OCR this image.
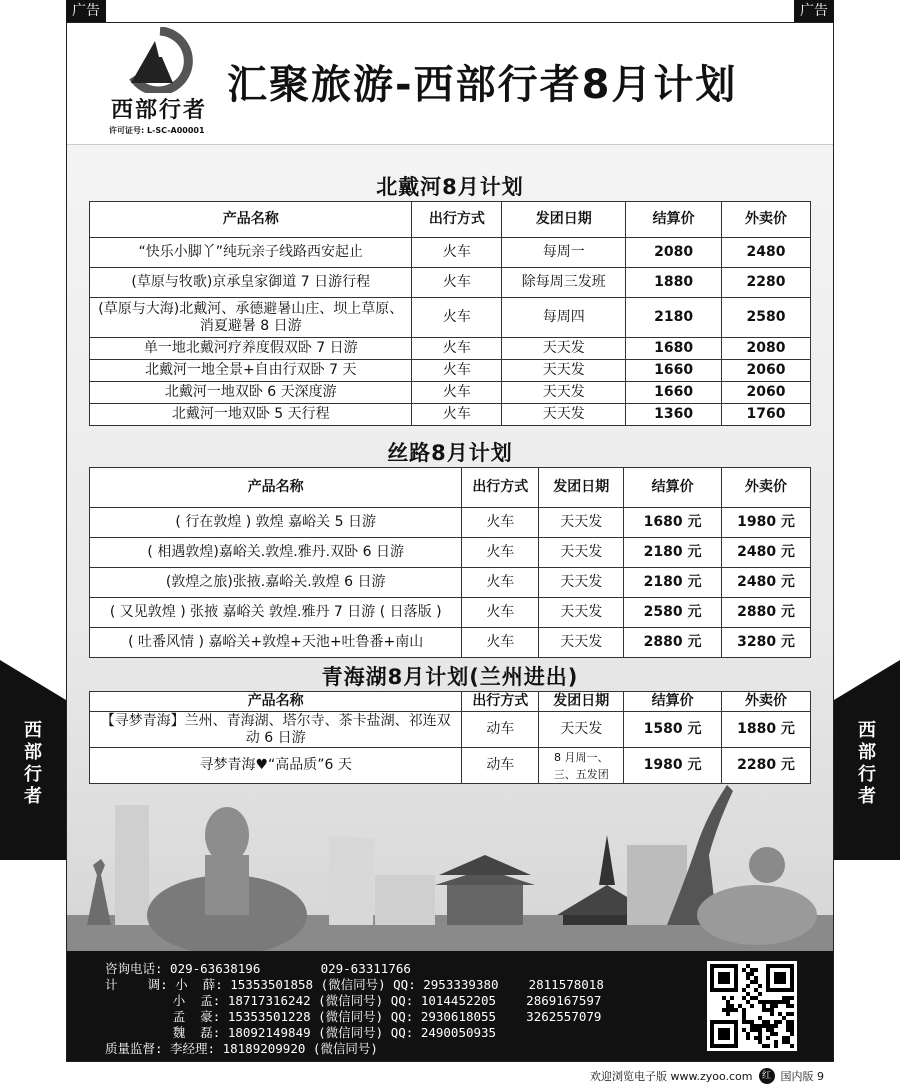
广告	广告
西
部
行
者
西
部
行
者
西部行者
许可证号: L-SC-A00001
汇聚旅游-西部行者8月计划
北戴河8月计划
产品名称	出行方式	发团日期	结算价	外卖价
“快乐小脚丫”纯玩亲子线路西安起止	火车	每周一	2080	2480
(草原与牧歌)京承皇家御道 7 日游行程	火车	除每周三发班	1880	2280
(草原与大海)北戴河、承德避暑山庄、坝上草原、消夏避暑 8 日游	火车	每周四	2180	2580
单一地北戴河疗养度假双卧 7 日游	火车	天天发	1680	2080
北戴河一地全景+自由行双卧 7 天	火车	天天发	1660	2060
北戴河一地双卧 6 天深度游	火车	天天发	1660	2060
北戴河一地双卧 5 天行程	火车	天天发	1360	1760
丝路8月计划
产品名称	出行方式	发团日期	结算价	外卖价
( 行在敦煌 ) 敦煌 嘉峪关 5 日游	火车	天天发	1680 元	1980 元
( 相遇敦煌)嘉峪关.敦煌.雅丹.双卧 6 日游	火车	天天发	2180 元	2480 元
(敦煌之旅)张掖.嘉峪关.敦煌 6 日游	火车	天天发	2180 元	2480 元
( 又见敦煌 ) 张掖 嘉峪关 敦煌.雅丹 7 日游 ( 日落版 )	火车	天天发	2580 元	2880 元
( 吐番风情 ) 嘉峪关+敦煌+天池+吐鲁番+南山	火车	天天发	2880 元	3280 元
青海湖8月计划(兰州进出)
产品名称	出行方式	发团日期	结算价	外卖价
【寻梦青海】兰州、青海湖、塔尔寺、茶卡盐湖、祁连双动 6 日游	动车	天天发	1580 元	1880 元
寻梦青海♥“高品质”6 天	动车	8 月周一、三、五发团	1980 元	2280 元
咨询电话: 029-63638196        029-63311766
计    调: 小  薛: 15353501858 (微信同号) QQ: 2953339380    2811578018
小  孟: 18717316242 (微信同号) QQ: 1014452205    2869167597
孟  豪: 15353501228 (微信同号) QQ: 2930618055    3262557079
魏  磊: 18092149849 (微信同号) QQ: 2490050935
质量监督: 李经理: 18189209920 (微信同号)
欢迎浏览电子版 www.zyoo.com	红 国内版 9
